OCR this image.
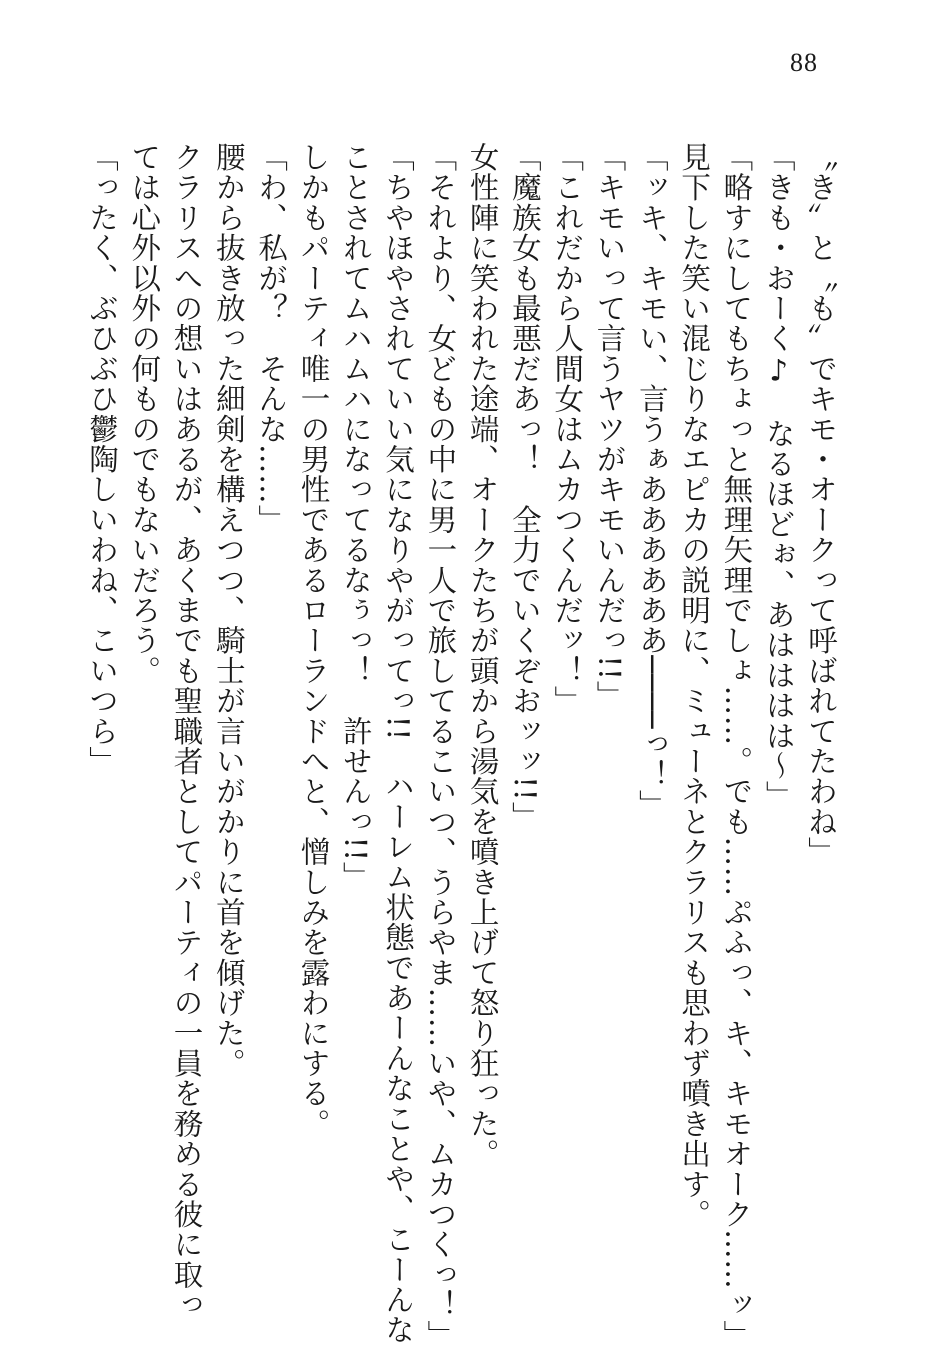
88
〝き〟と〝も〟でキモ・オークって呼ばれてたわね」
「きも・おーく♪　なるほどぉ、あはははは〜」
「略すにしてもちょっと無理矢理でしょ……。でも……ぷふっ、キ、キモオーク……ッ」
見下した笑い混じりなエピカの説明に、ミューネとクラリスも思わず噴き出す。
「ッキ、キモい、言うぁああああああ────っ！」
「キモいって言うヤツがキモいんだっ!!」
「これだから人間女はムカつくんだッ！」
「魔族女も最悪だあっ！　全力でいくぞおッッ!!」
女性陣に笑われた途端、オークたちが頭から湯気を噴き上げて怒り狂った。
「それより、女どもの中に男一人で旅してるこいつ、うらやま……いや、ムカつくっ！」
「ちやほやされていい気になりやがってっ!!　ハーレム状態であーんなことや、こーんな
ことされてムハムハになってるなぅっ！　許せんっ!!」
しかもパーティ唯一の男性であるローランドへと、憎しみを露わにする。
「わ、私が？　そんな……」
腰から抜き放った細剣を構えつつ、騎士が言いがかりに首を傾げた。
クラリスへの想いはあるが、あくまでも聖職者としてパーティの一員を務める彼に取っ
ては心外以外の何ものでもないだろう。
「ったく、ぶひぶひ鬱陶しいわね、こいつら」
